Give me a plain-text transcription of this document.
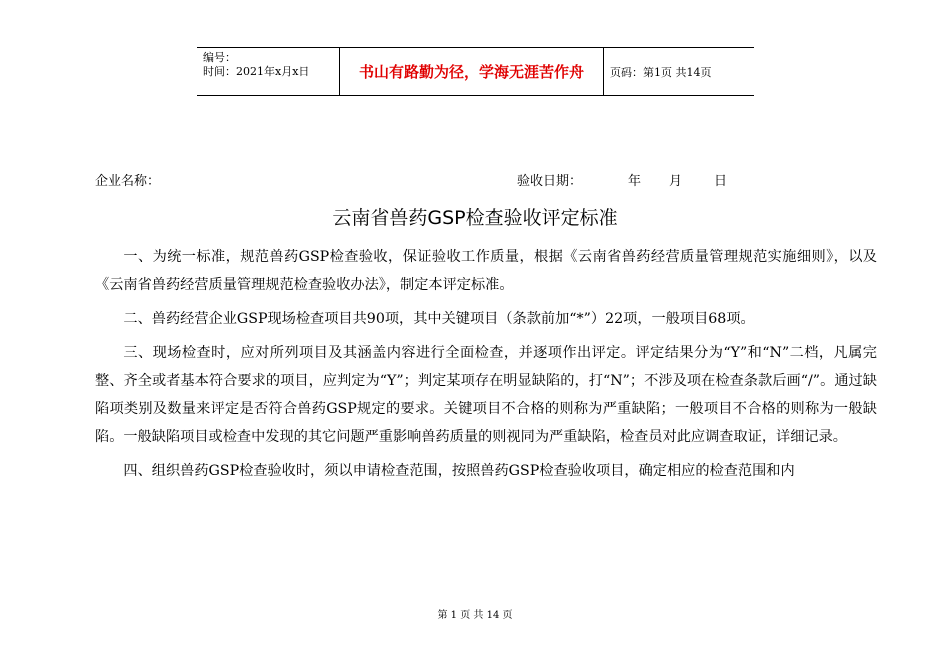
编号：
时间：2021年x月x日	书山有路勤为径，学海无涯苦作舟 页码：第1页 共14页
企业名称：	验收日期：	年 月 日
云南省兽药GSP检查验收评定标准

一、为统一标准，规范兽药GSP检查验收，保证验收工作质量，根据《云南省兽药经营质量管理规范实施细则》，以及《云南省兽药经营质量管理规范检查验收办法》，制定本评定标准。

二、兽药经营企业GSP现场检查项目共90项，其中关键项目（条款前加“*”）22项，一般项目68项。

三、现场检查时，应对所列项目及其涵盖内容进行全面检查，并逐项作出评定。评定结果分为“Y”和“N”二档，凡属完整、齐全或者基本符合要求的项目，应判定为“Y”；判定某项存在明显缺陷的，打“N”；不涉及项在检查条款后画“/”。通过缺陷项类别及数量来评定是否符合兽药GSP规定的要求。关键项目不合格的则称为严重缺陷；一般项目不合格的则称为一般缺陷。一般缺陷项目或检查中发现的其它问题严重影响兽药质量的则视同为严重缺陷，检查员对此应调查取证，详细记录。

四、组织兽药GSP检查验收时，须以申请检查范围，按照兽药GSP检查验收项目，确定相应的检查范围和内

第 1 页 共 14 页
